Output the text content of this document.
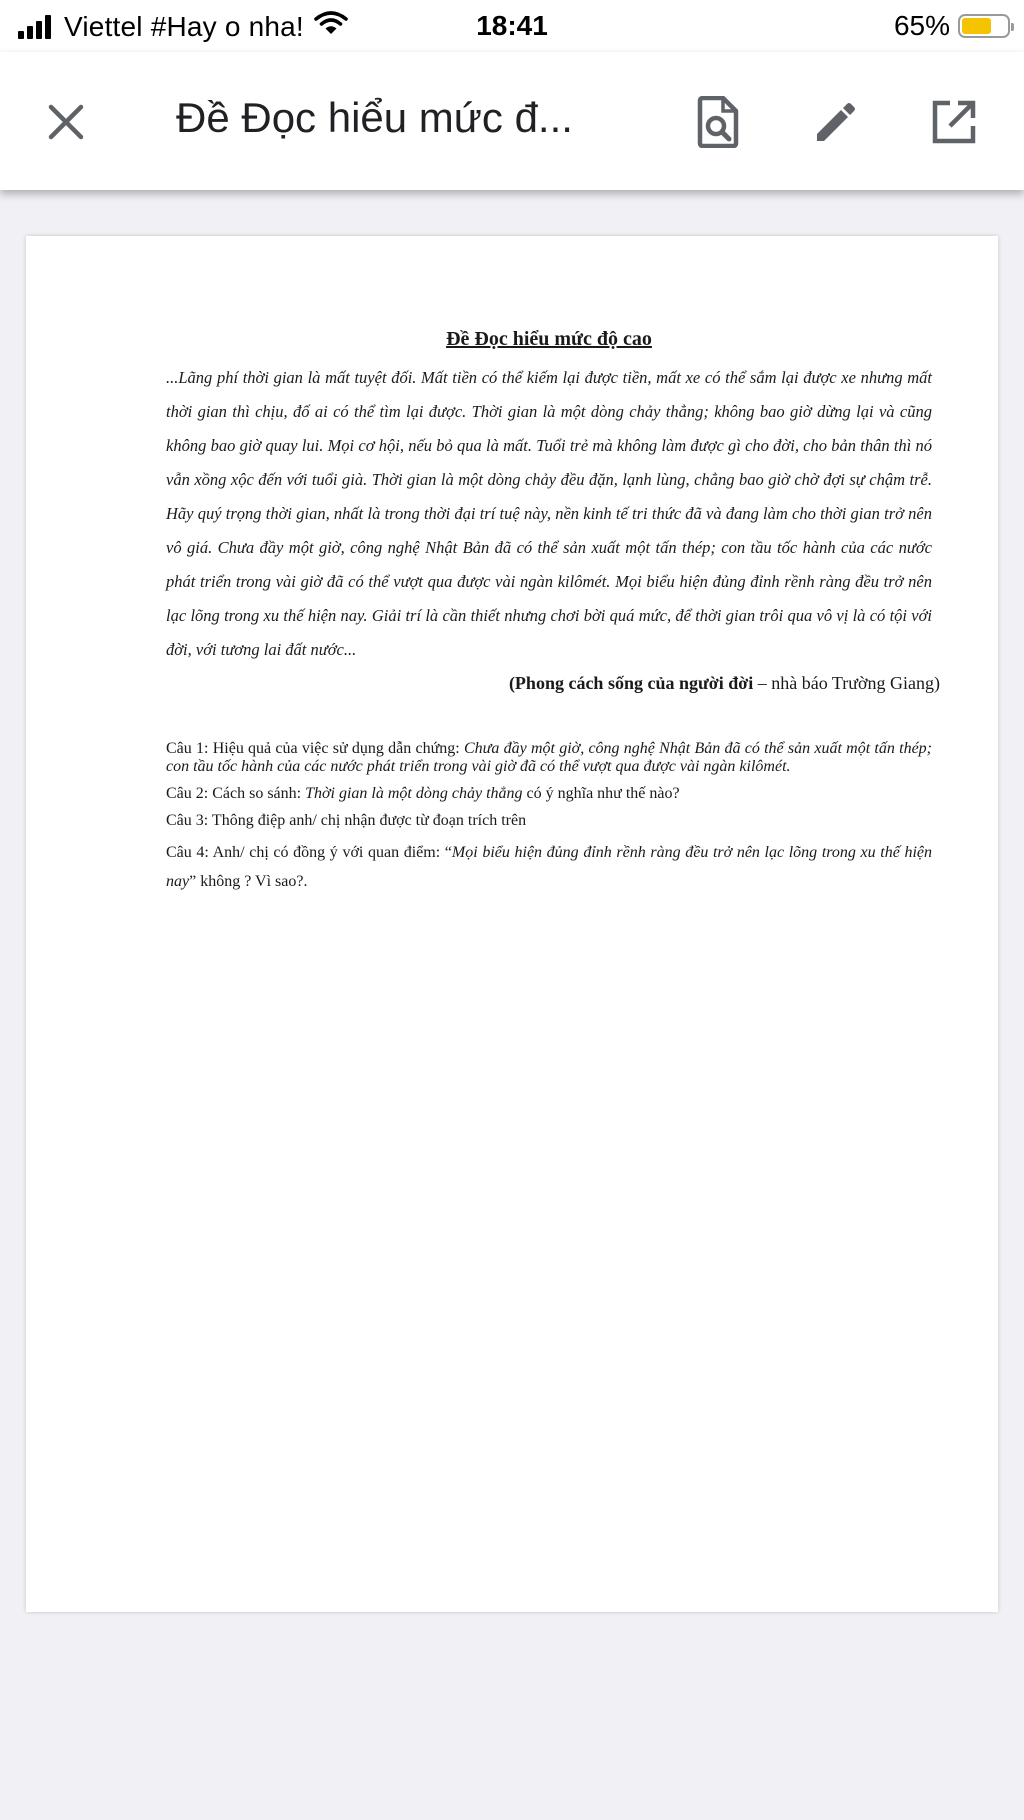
Viettel #Hay o nha!	18:41	65%
Đề Đọc hiểu mức đ...
Đề Đọc hiểu mức độ cao
...Lãng phí thời gian là mất tuyệt đối. Mất tiền có thể kiếm lại được tiền, mất xe có thể sắm lại được xe nhưng mất thời gian thì chịu, đố ai có thể tìm lại được. Thời gian là một dòng chảy thẳng; không bao giờ dừng lại và cũng không bao giờ quay lui. Mọi cơ hội, nếu bỏ qua là mất. Tuổi trẻ mà không làm được gì cho đời, cho bản thân thì nó vẫn xồng xộc đến với tuổi già. Thời gian là một dòng chảy đều đặn, lạnh lùng, chẳng bao giờ chờ đợi sự chậm trễ. Hãy quý trọng thời gian, nhất là trong thời đại trí tuệ này, nền kinh tế tri thức đã và đang làm cho thời gian trở nên vô giá. Chưa đầy một giờ, công nghệ Nhật Bản đã có thể sản xuất một tấn thép; con tầu tốc hành của các nước phát triển trong vài giờ đã có thể vượt qua được vài ngàn kilômét. Mọi biểu hiện đủng đỉnh rềnh ràng đều trở nên lạc lõng trong xu thế hiện nay. Giải trí là cần thiết nhưng chơi bời quá mức, để thời gian trôi qua vô vị là có tội với đời, với tương lai đất nước...
(Phong cách sống của người đời – nhà báo Trường Giang)
Câu 1: Hiệu quả của việc sử dụng dẫn chứng: Chưa đầy một giờ, công nghệ Nhật Bản đã có thể sản xuất một tấn thép; con tầu tốc hành của các nước phát triển trong vài giờ đã có thể vượt qua được vài ngàn kilômét.
Câu 2: Cách so sánh: Thời gian là một dòng chảy thẳng có ý nghĩa như thế nào?
Câu 3: Thông điệp anh/ chị nhận được từ đoạn trích trên
Câu 4: Anh/ chị có đồng ý với quan điểm: “Mọi biểu hiện đủng đỉnh rềnh ràng đều trở nên lạc lõng trong xu thế hiện nay” không ? Vì sao?.
